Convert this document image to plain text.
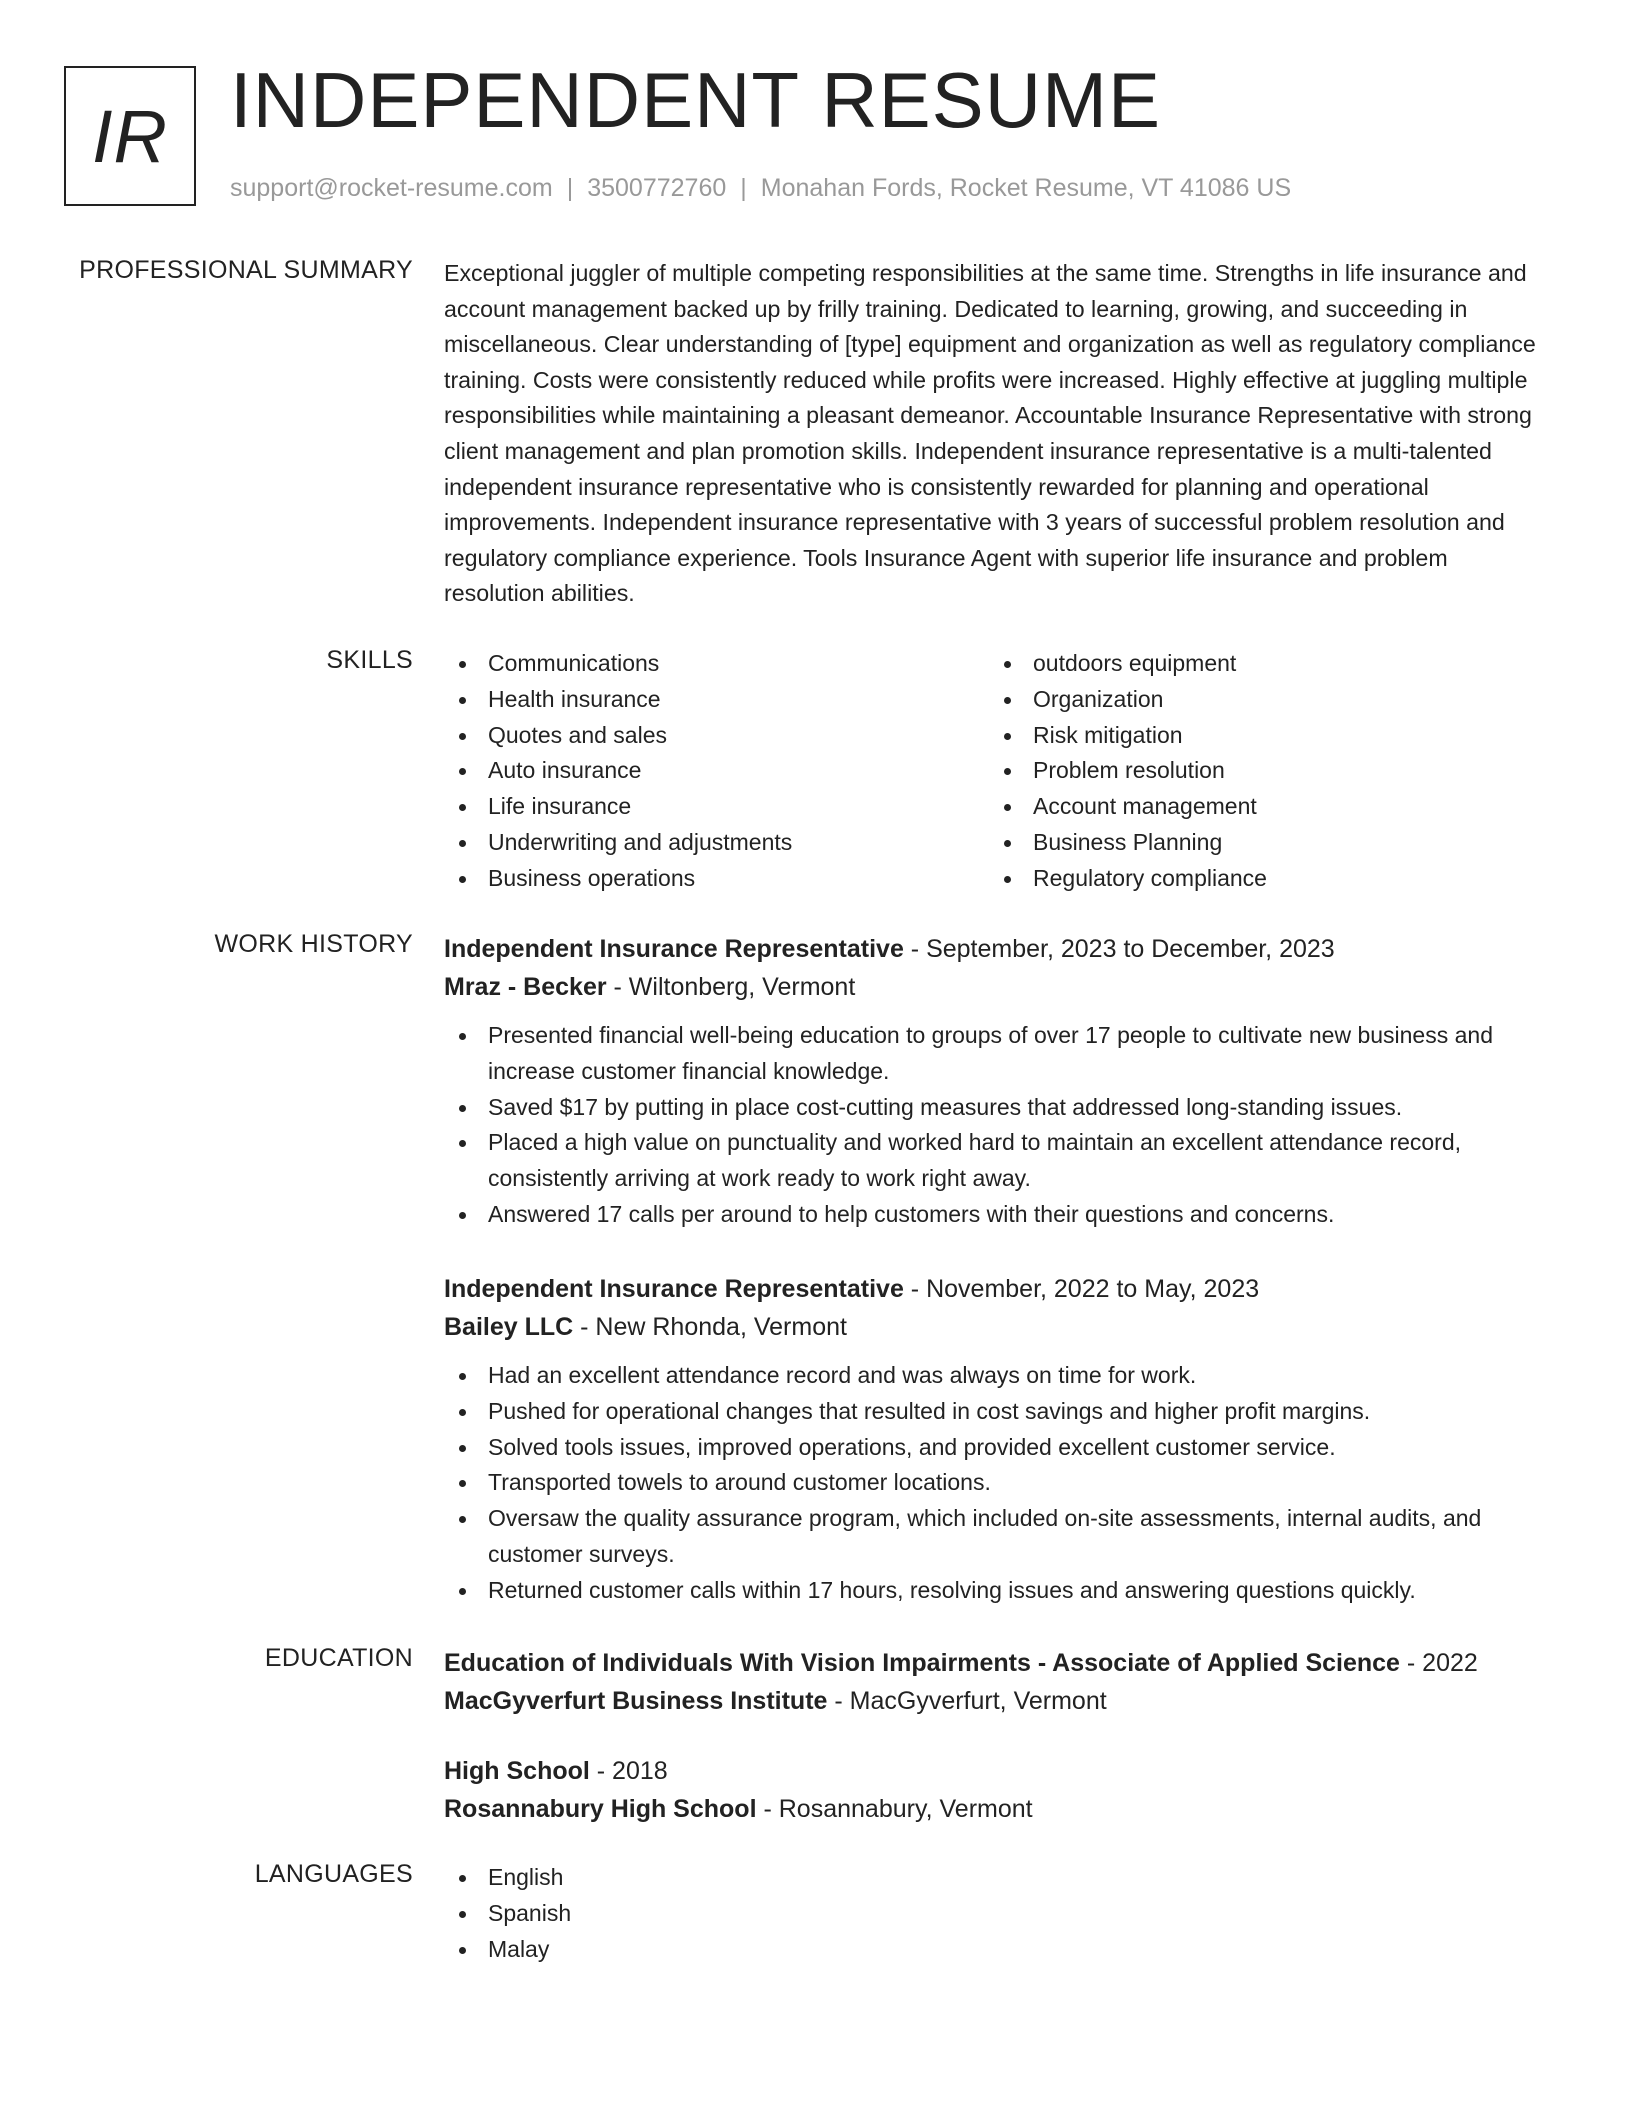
IR INDEPENDENT RESUME
support@rocket-resume.com | 3500772760 | Monahan Fords, Rocket Resume, VT 41086 US
PROFESSIONAL SUMMARY Exceptional juggler of multiple competing responsibilities at the same time. Strengths in life insurance and account management backed up by frilly training. Dedicated to learning, growing, and succeeding in miscellaneous. Clear understanding of [type] equipment and organization as well as regulatory compliance training. Costs were consistently reduced while profits were increased. Highly effective at juggling multiple responsibilities while maintaining a pleasant demeanor. Accountable Insurance Representative with strong client management and plan promotion skills. Independent insurance representative is a multi-talented independent insurance representative who is consistently rewarded for planning and operational improvements. Independent insurance representative with 3 years of successful problem resolution and regulatory compliance experience. Tools Insurance Agent with superior life insurance and problem resolution abilities.

SKILLS	Communications
Health insurance
Quotes and sales
Auto insurance
Life insurance
Underwriting and adjustments
Business operations
outdoors equipment
Organization
Risk mitigation
Problem resolution
Account management
Business Planning
Regulatory compliance
WORK HISTORY Independent Insurance Representative - September, 2023 to December, 2023
Mraz - Becker - Wiltonberg, Vermont
Presented financial well-being education to groups of over 17 people to cultivate new business and increase customer financial knowledge.
Saved $17 by putting in place cost-cutting measures that addressed long-standing issues.
Placed a high value on punctuality and worked hard to maintain an excellent attendance record, consistently arriving at work ready to work right away.
Answered 17 calls per around to help customers with their questions and concerns.
Independent Insurance Representative - November, 2022 to May, 2023
Bailey LLC - New Rhonda, Vermont
Had an excellent attendance record and was always on time for work.
Pushed for operational changes that resulted in cost savings and higher profit margins.
Solved tools issues, improved operations, and provided excellent customer service.
Transported towels to around customer locations.
Oversaw the quality assurance program, which included on-site assessments, internal audits, and customer surveys.
Returned customer calls within 17 hours, resolving issues and answering questions quickly.
EDUCATION Education of Individuals With Vision Impairments - Associate of Applied Science - 2022
MacGyverfurt Business Institute - MacGyverfurt, Vermont
High School - 2018
Rosannabury High School - Rosannabury, Vermont
LANGUAGES	English
Spanish
Malay
